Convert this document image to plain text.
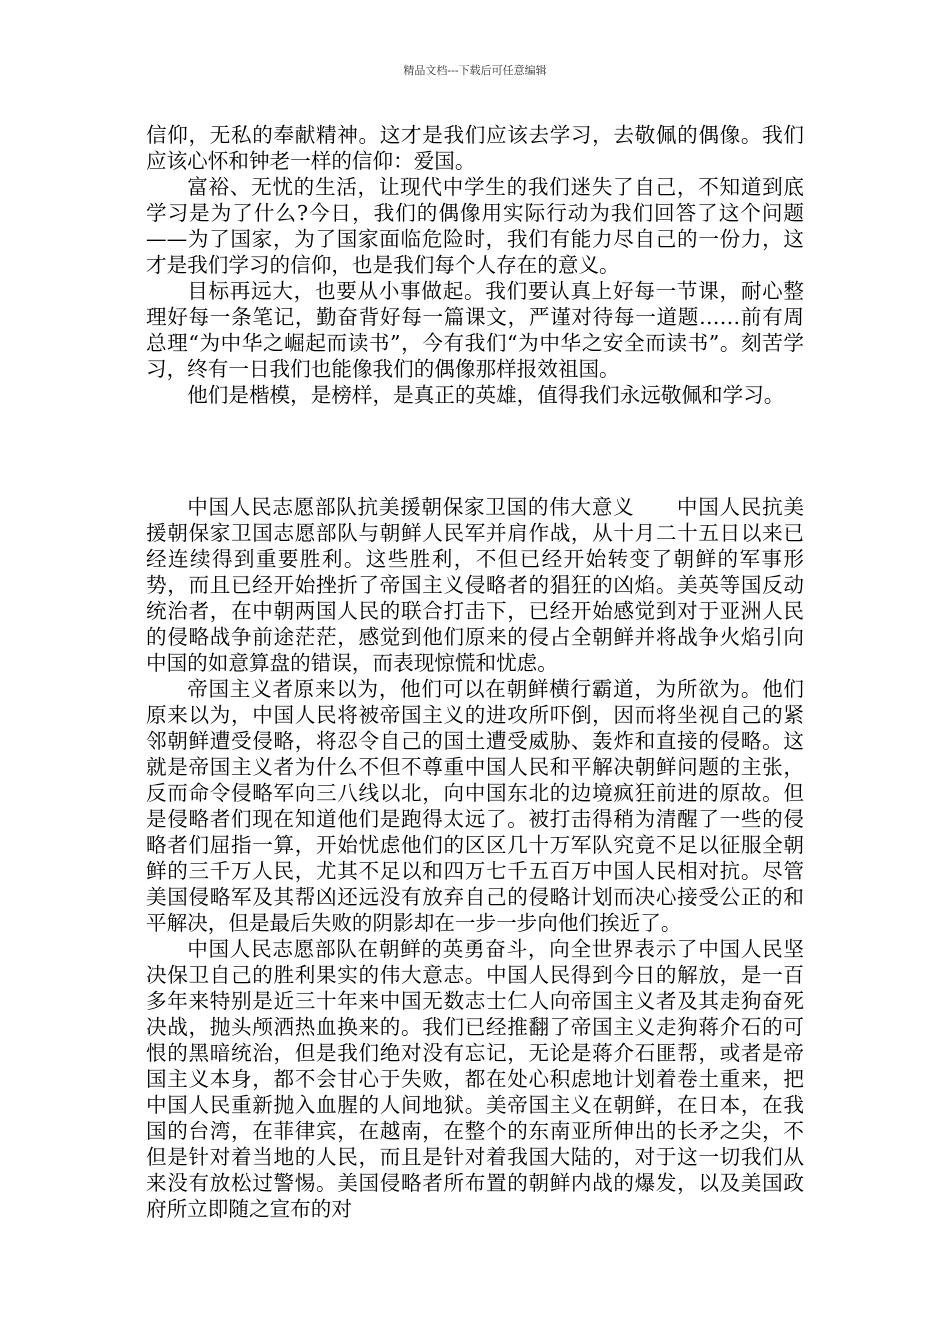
精品文档---下载后可任意编辑

信仰，无私的奉献精神。这才是我们应该去学习，去敬佩的偶像。我们应该心怀和钟老一样的信仰：爱国。

富裕、无忧的生活，让现代中学生的我们迷失了自己，不知道到底学习是为了什么?今日，我们的偶像用实际行动为我们回答了这个问题——为了国家，为了国家面临危险时，我们有能力尽自己的一份力，这才是我们学习的信仰，也是我们每个人存在的意义。

目标再远大，也要从小事做起。我们要认真上好每一节课，耐心整理好每一条笔记，勤奋背好每一篇课文，严谨对待每一道题……前有周总理“为中华之崛起而读书”，今有我们“为中华之安全而读书”。刻苦学习，终有一日我们也能像我们的偶像那样报效祖国。

他们是楷模，是榜样，是真正的英雄，值得我们永远敬佩和学习。

中国人民志愿部队抗美援朝保家卫国的伟大意义　　中国人民抗美援朝保家卫国志愿部队与朝鲜人民军并肩作战，从十月二十五日以来已经连续得到重要胜利。这些胜利，不但已经开始转变了朝鲜的军事形势，而且已经开始挫折了帝国主义侵略者的猖狂的凶焰。美英等国反动统治者，在中朝两国人民的联合打击下，已经开始感觉到对于亚洲人民的侵略战争前途茫茫，感觉到他们原来的侵占全朝鲜并将战争火焰引向中国的如意算盘的错误，而表现惊慌和忧虑。

帝国主义者原来以为，他们可以在朝鲜横行霸道，为所欲为。他们原来以为，中国人民将被帝国主义的进攻所吓倒，因而将坐视自己的紧邻朝鲜遭受侵略，将忍令自己的国土遭受威胁、轰炸和直接的侵略。这就是帝国主义者为什么不但不尊重中国人民和平解决朝鲜问题的主张，反而命令侵略军向三八线以北，向中国东北的边境疯狂前进的原故。但是侵略者们现在知道他们是跑得太远了。被打击得稍为清醒了一些的侵略者们屈指一算，开始忧虑他们的区区几十万军队究竟不足以征服全朝鲜的三千万人民，尤其不足以和四万七千五百万中国人民相对抗。尽管美国侵略军及其帮凶还远没有放弃自己的侵略计划而决心接受公正的和平解决，但是最后失败的阴影却在一步一步向他们挨近了。

中国人民志愿部队在朝鲜的英勇奋斗，向全世界表示了中国人民坚决保卫自己的胜利果实的伟大意志。中国人民得到今日的解放，是一百多年来特别是近三十年来中国无数志士仁人向帝国主义者及其走狗奋死决战，抛头颅洒热血换来的。我们已经推翻了帝国主义走狗蒋介石的可恨的黑暗统治，但是我们绝对没有忘记，无论是蒋介石匪帮，或者是帝国主义本身，都不会甘心于失败，都在处心积虑地计划着卷土重来，把中国人民重新抛入血腥的人间地狱。美帝国主义在朝鲜，在日本，在我国的台湾，在菲律宾，在越南，在整个的东南亚所伸出的长矛之尖，不但是针对着当地的人民，而且是针对着我国大陆的，对于这一切我们从来没有放松过警惕。美国侵略者所布置的朝鲜内战的爆发，以及美国政府所立即随之宣布的对
